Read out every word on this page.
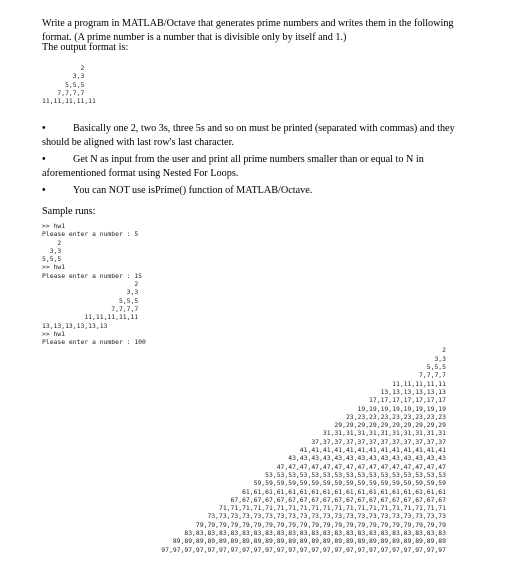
Write a program in MATLAB/Octave that generates prime numbers and writes them in the following format. (A prime number is a number that is divisible only by itself and 1.)

The output format is:
2
3,3
5,5,5
7,7,7,7
11,11,11,11,11
•	Basically one 2, two 3s, three 5s and so on must be printed (separated with commas) and they should be aligned with last row's last character.
•	Get N as input from the user and print all prime numbers smaller than or equal to N in aforementioned format using Nested For Loops.
•	You can NOT use isPrime() function of MATLAB/Octave.
Sample runs:
>> hw1
Please enter a number : 5
2
3,3
5,5,5
>> hw1
Please enter a number : 15
2
3,3
5,5,5
7,7,7,7
11,11,11,11,11
13,13,13,13,13,13
>> hw1
Please enter a number : 100
2
3,3
5,5,5
7,7,7,7
11,11,11,11,11
13,13,13,13,13,13
17,17,17,17,17,17,17
19,19,19,19,19,19,19,19
23,23,23,23,23,23,23,23,23
29,29,29,29,29,29,29,29,29,29
31,31,31,31,31,31,31,31,31,31,31
37,37,37,37,37,37,37,37,37,37,37,37
41,41,41,41,41,41,41,41,41,41,41,41,41
43,43,43,43,43,43,43,43,43,43,43,43,43,43
47,47,47,47,47,47,47,47,47,47,47,47,47,47,47
53,53,53,53,53,53,53,53,53,53,53,53,53,53,53,53
59,59,59,59,59,59,59,59,59,59,59,59,59,59,59,59,59
61,61,61,61,61,61,61,61,61,61,61,61,61,61,61,61,61,61
67,67,67,67,67,67,67,67,67,67,67,67,67,67,67,67,67,67,67
71,71,71,71,71,71,71,71,71,71,71,71,71,71,71,71,71,71,71,71
73,73,73,73,73,73,73,73,73,73,73,73,73,73,73,73,73,73,73,73,73
79,79,79,79,79,79,79,79,79,79,79,79,79,79,79,79,79,79,79,79,79,79
83,83,83,83,83,83,83,83,83,83,83,83,83,83,83,83,83,83,83,83,83,83,83
89,89,89,89,89,89,89,89,89,89,89,89,89,89,89,89,89,89,89,89,89,89,89,89
97,97,97,97,97,97,97,97,97,97,97,97,97,97,97,97,97,97,97,97,97,97,97,97,97
